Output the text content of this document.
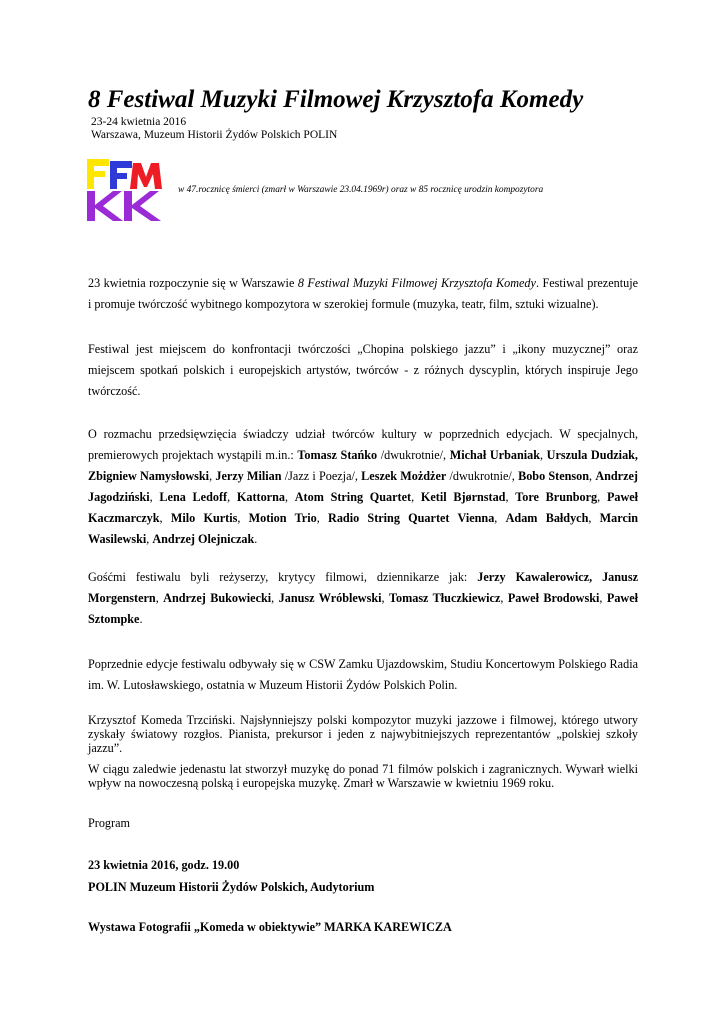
8 Festiwal Muzyki Filmowej Krzysztofa Komedy
23-24 kwietnia 2016
Warszawa, Muzeum Historii Żydów Polskich POLIN
w 47.rocznicę śmierci (zmarł w Warszawie 23.04.1969r) oraz w 85 rocznicę urodzin kompozytora

23 kwietnia rozpoczynie się w Warszawie 8 Festiwal Muzyki Filmowej Krzysztofa Komedy. Festiwal prezentuje i promuje twórczość wybitnego kompozytora w szerokiej formule (muzyka, teatr, film, sztuki wizualne).

Festiwal jest miejscem do konfrontacji twórczości „Chopina polskiego jazzu” i „ikony muzycznej” oraz miejscem spotkań polskich i europejskich artystów, twórców - z różnych dyscyplin, których inspiruje Jego twórczość.

O rozmachu przedsięwzięcia świadczy udział twórców kultury w poprzednich edycjach. W specjalnych, premierowych projektach wystąpili m.in.: Tomasz Stańko /dwukrotnie/, Michał Urbaniak, Urszula Dudziak, Zbigniew Namysłowski, Jerzy Milian /Jazz i Poezja/, Leszek Możdżer /dwukrotnie/, Bobo Stenson, Andrzej Jagodziński, Lena Ledoff, Kattorna, Atom String Quartet, Ketil Bjørnstad, Tore Brunborg, Paweł Kaczmarczyk, Milo Kurtis, Motion Trio, Radio String Quartet Vienna, Adam Bałdych, Marcin Wasilewski, Andrzej Olejniczak.

Gośćmi festiwalu byli reżyserzy, krytycy filmowi, dziennikarze jak: Jerzy Kawalerowicz, Janusz Morgenstern, Andrzej Bukowiecki, Janusz Wróblewski, Tomasz Tłuczkiewicz, Paweł Brodowski, Paweł Sztompke.

Poprzednie edycje festiwalu odbywały się w CSW Zamku Ujazdowskim, Studiu Koncertowym Polskiego Radia im. W. Lutosławskiego, ostatnia w Muzeum Historii Żydów Polskich Polin.

Krzysztof Komeda Trzciński. Najsłynniejszy polski kompozytor muzyki jazzowe i filmowej, którego utwory zyskały światowy rozgłos. Pianista, prekursor i jeden z najwybitniejszych reprezentantów „polskiej szkoły jazzu”.

W ciągu zaledwie jedenastu lat stworzył muzykę do ponad 71 filmów polskich i zagranicznych. Wywarł wielki wpływ na nowoczesną polską i europejska muzykę. Zmarł w Warszawie w kwietniu 1969 roku.

Program

23 kwietnia 2016, godz. 19.00

POLIN Muzeum Historii Żydów Polskich, Audytorium

Wystawa Fotografii „Komeda w obiektywie” MARKA KAREWICZA
